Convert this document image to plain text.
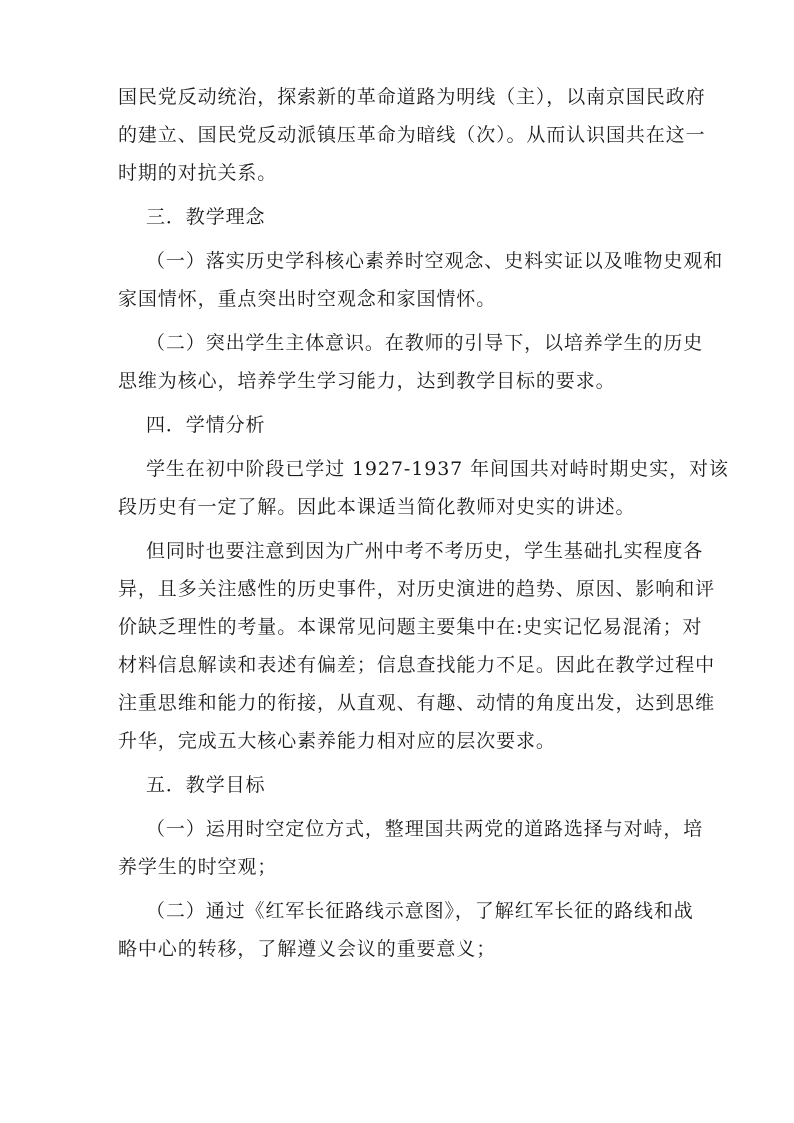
国民党反动统治，探索新的革命道路为明线（主），以南京国民政府
的建立、国民党反动派镇压革命为暗线（次）。从而认识国共在这一
时期的对抗关系。
三．教学理念
（一）落实历史学科核心素养时空观念、史料实证以及唯物史观和
家国情怀，重点突出时空观念和家国情怀。
（二）突出学生主体意识。在教师的引导下，以培养学生的历史
思维为核心，培养学生学习能力，达到教学目标的要求。
四．学情分析
学生在初中阶段已学过 1927-1937 年间国共对峙时期史实，对该
段历史有一定了解。因此本课适当简化教师对史实的讲述。
但同时也要注意到因为广州中考不考历史，学生基础扎实程度各
异，且多关注感性的历史事件，对历史演进的趋势、原因、影响和评
价缺乏理性的考量。本课常见问题主要集中在:史实记忆易混淆；对
材料信息解读和表述有偏差；信息查找能力不足。因此在教学过程中
注重思维和能力的衔接，从直观、有趣、动情的角度出发，达到思维
升华，完成五大核心素养能力相对应的层次要求。
五．教学目标
（一）运用时空定位方式，整理国共两党的道路选择与对峙，培
养学生的时空观；
（二）通过《红军长征路线示意图》，了解红军长征的路线和战
略中心的转移，了解遵义会议的重要意义；
